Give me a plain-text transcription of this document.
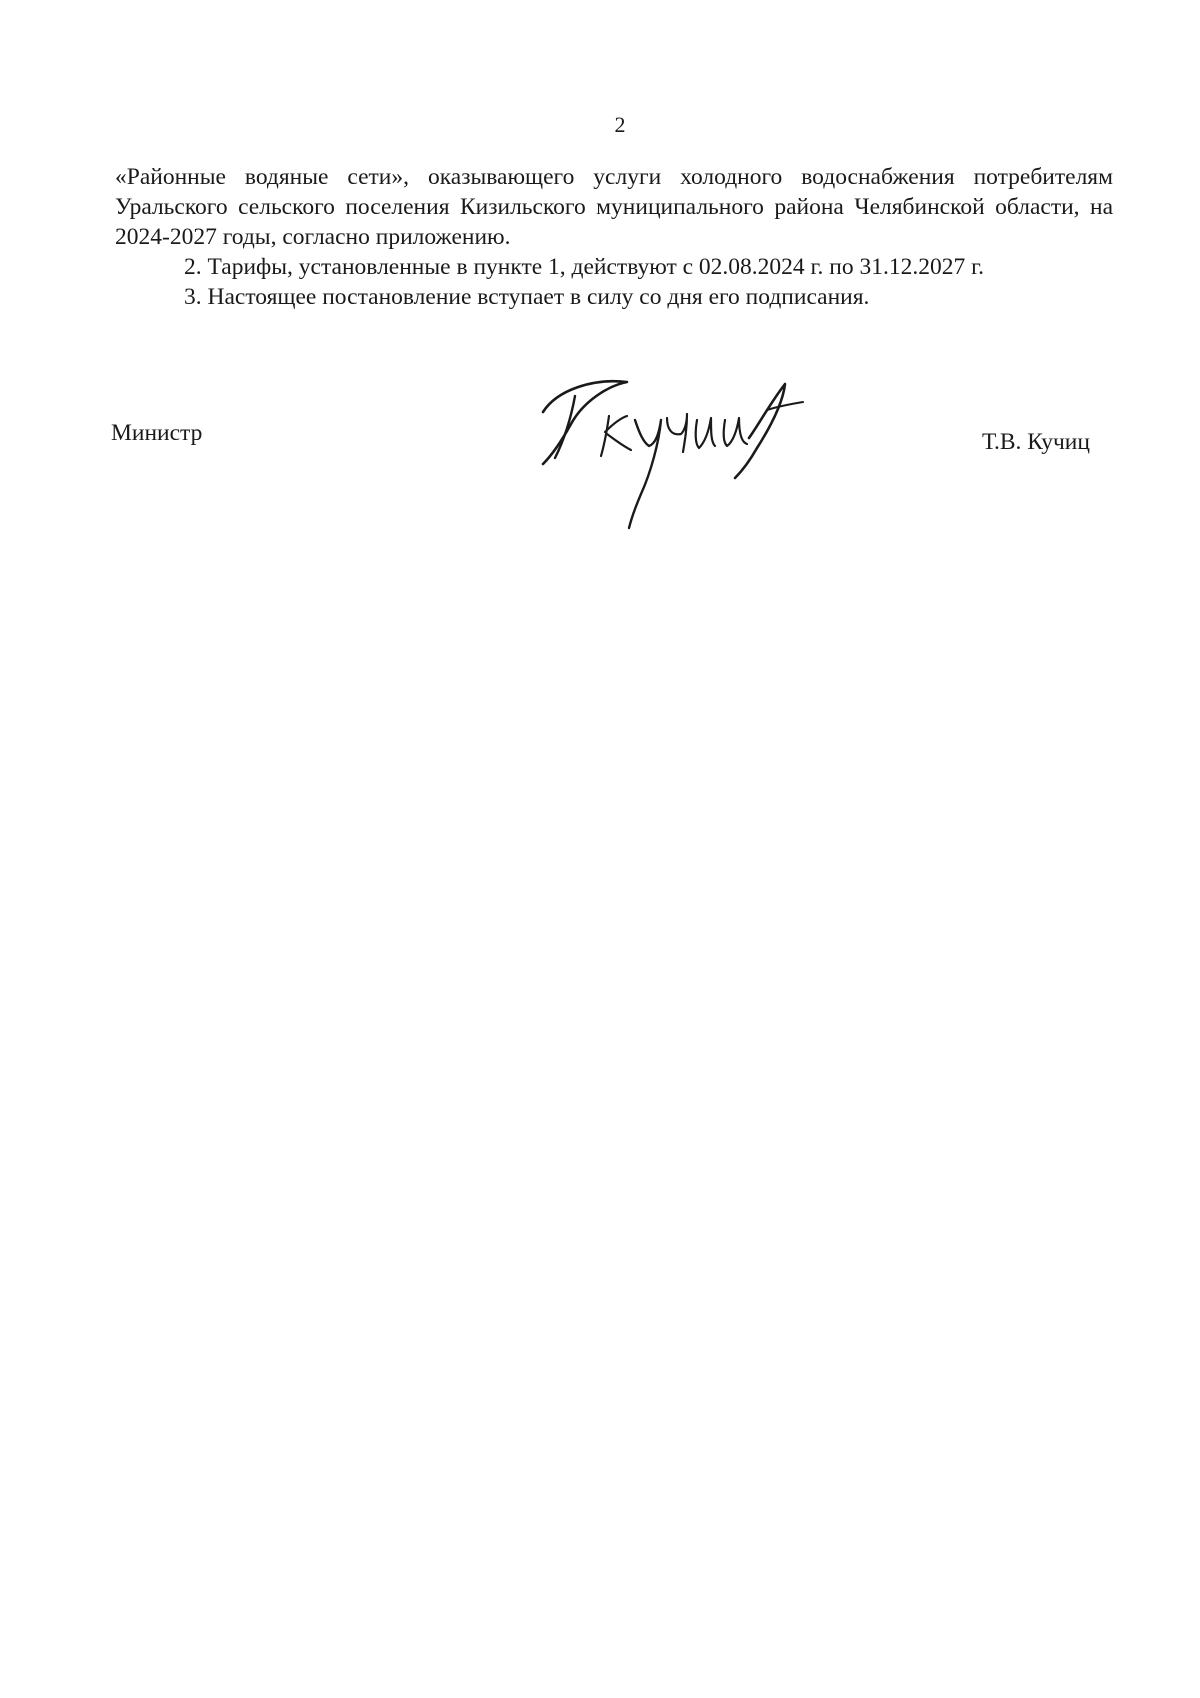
2

«Районные водяные сети», оказывающего услуги холодного водоснабжения потребителям Уральского сельского поселения Кизильского муниципального района Челябинской области, на 2024-2027 годы, согласно приложению.

2. Тарифы, установленные в пункте 1, действуют с 02.08.2024 г. по 31.12.2027 г.

3. Настоящее постановление вступает в силу со дня его подписания.

Министр	Т.В. Кучиц
